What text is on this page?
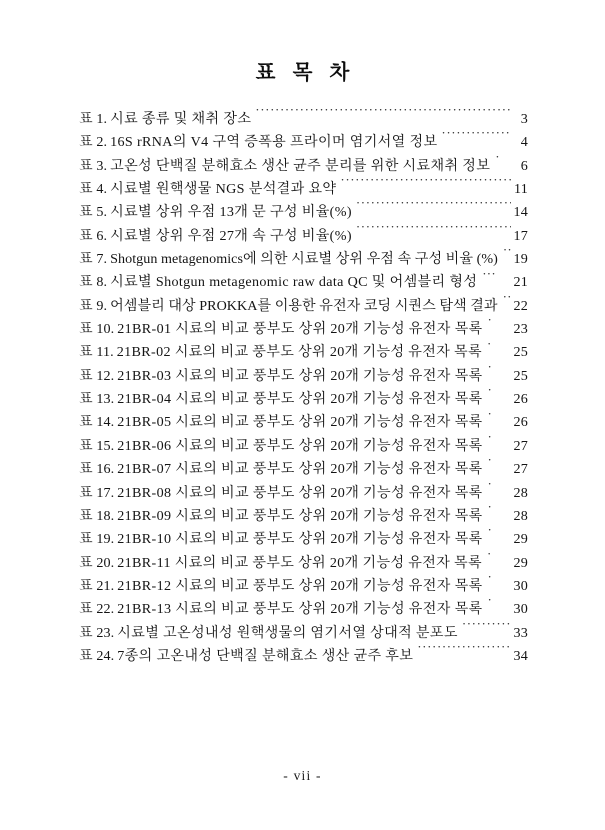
표 목 차
표 1. 시료 종류 및 채취 장소 ·····	3
표 2. 16S rRNA의 V4 구역 증폭용 프라이머 염기서열 정보 ·····	4
표 3. 고온성 단백질 분해효소 생산 균주 분리를 위한 시료채취 정보 ·	6
표 4. 시료별 원핵생물 NGS 분석결과 요약 ·····	11
표 5. 시료별 상위 우점 13개 문 구성 비율(%) ·····	14
표 6. 시료별 상위 우점 27개 속 구성 비율(%) ·····	17
표 7. Shotgun metagenomics에 의한 시료별 상위 우점 속 구성 비율 (%) ··· 19
표 8. 시료별 Shotgun metagenomic raw data QC 및 어셈블리 형성 ···	21
표 9. 어셈블리 대상 PROKKA를 이용한 유전자 코딩 시퀀스 탐색 결과 ··· 22
표 10. 21BR-01 시료의 비교 풍부도 상위 20개 기능성 유전자 목록 · 23
표 11. 21BR-02 시료의 비교 풍부도 상위 20개 기능성 유전자 목록 · 25
표 12. 21BR-03 시료의 비교 풍부도 상위 20개 기능성 유전자 목록 · 25
표 13. 21BR-04 시료의 비교 풍부도 상위 20개 기능성 유전자 목록 · 26
표 14. 21BR-05 시료의 비교 풍부도 상위 20개 기능성 유전자 목록 · 26
표 15. 21BR-06 시료의 비교 풍부도 상위 20개 기능성 유전자 목록 · 27
표 16. 21BR-07 시료의 비교 풍부도 상위 20개 기능성 유전자 목록 · 27
표 17. 21BR-08 시료의 비교 풍부도 상위 20개 기능성 유전자 목록 · 28
표 18. 21BR-09 시료의 비교 풍부도 상위 20개 기능성 유전자 목록 · 28
표 19. 21BR-10 시료의 비교 풍부도 상위 20개 기능성 유전자 목록 · 29
표 20. 21BR-11 시료의 비교 풍부도 상위 20개 기능성 유전자 목록 · 29
표 21. 21BR-12 시료의 비교 풍부도 상위 20개 기능성 유전자 목록 · 30
표 22. 21BR-13 시료의 비교 풍부도 상위 20개 기능성 유전자 목록 · 30
표 23. 시료별 고온성내성 원핵생물의 염기서열 상대적 분포도 ·····	33
표 24. 7종의 고온내성 단백질 분해효소 생산 균주 후보 ·····	34
- vii -
